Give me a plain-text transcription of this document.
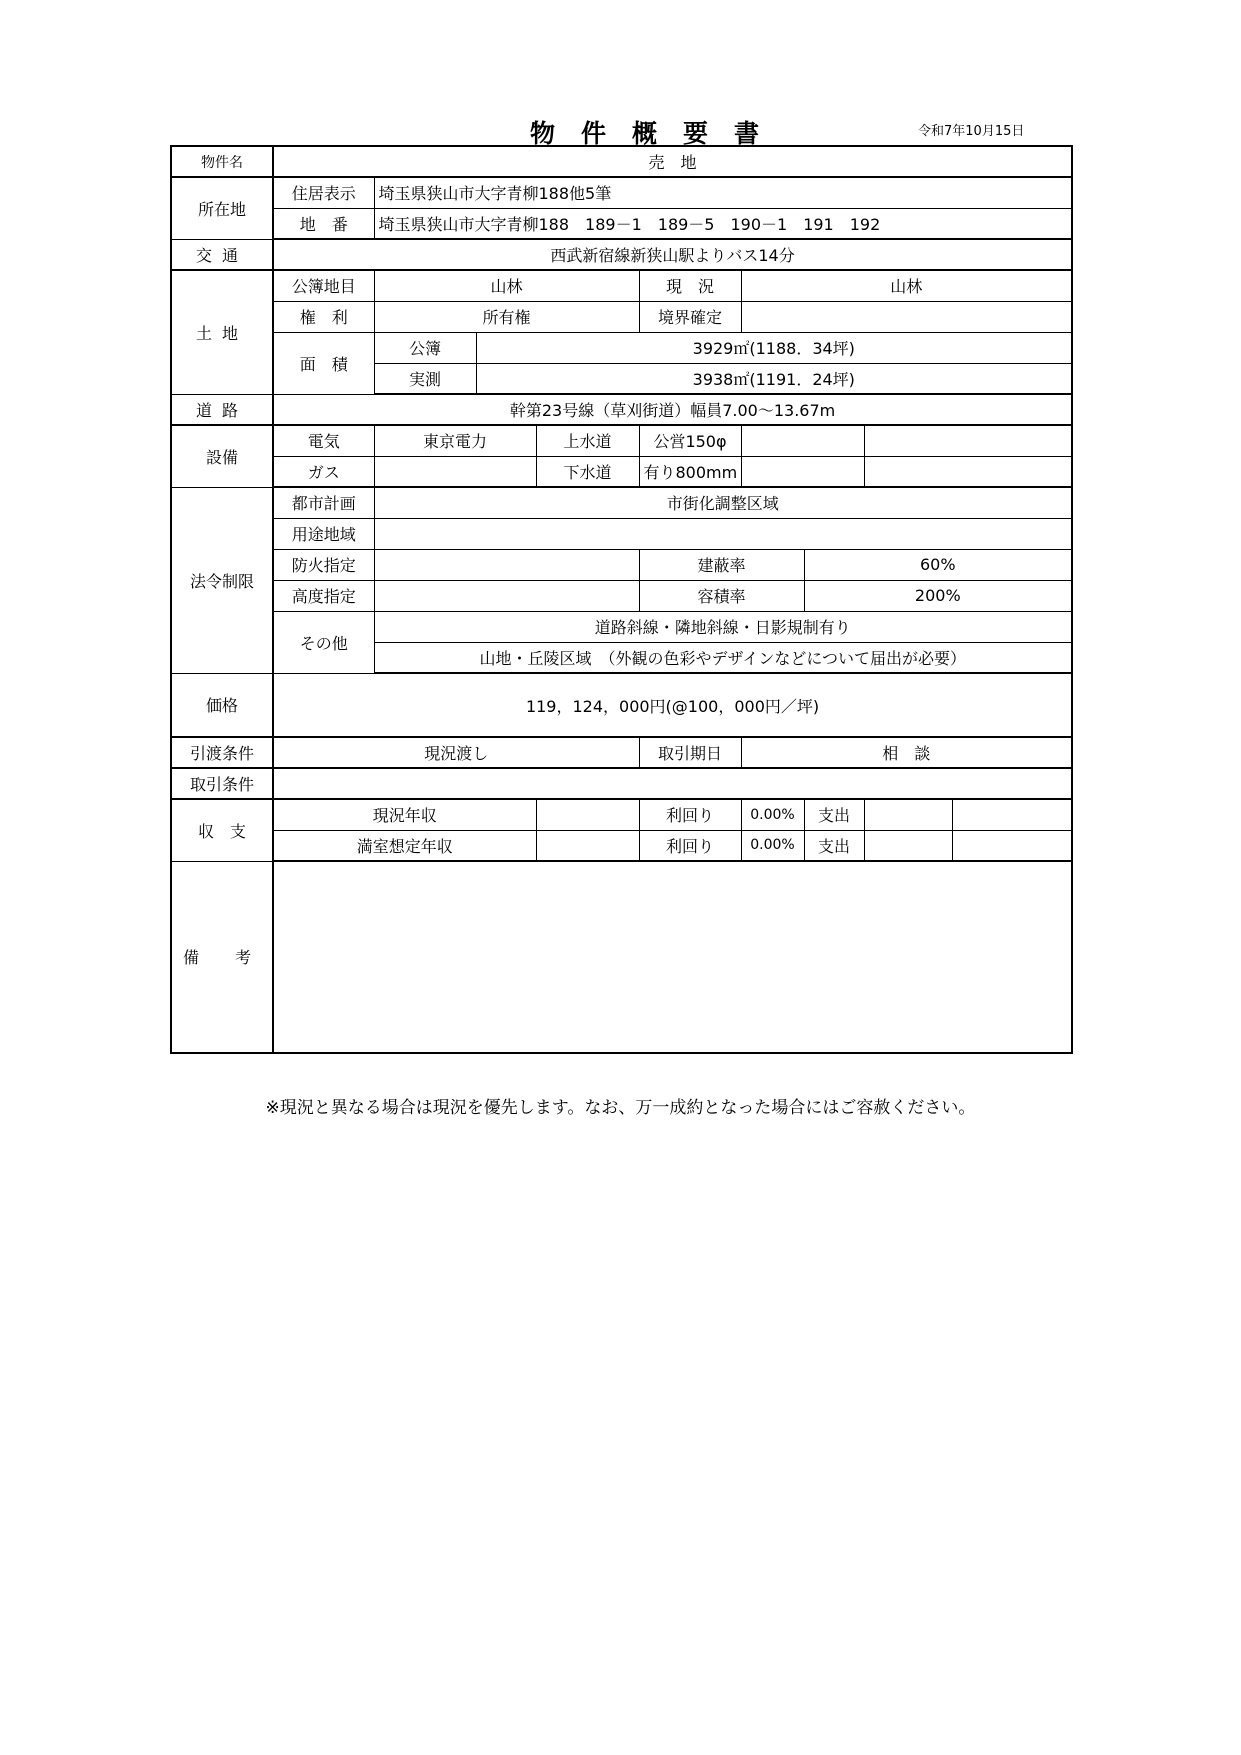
物件概要書	令和7年10月15日
物件名	売　地								
所在地	住居表示	埼玉県狭山市大字青柳188他5筆							
	地　番	埼玉県狭山市大字青柳188　189－1　189－5　190－1　191　192							
交通	西武新宿線新狭山駅よりバス14分								
土地	公簿地目	山林			現　況	山林			
	権　利	所有権			境界確定				
	面　積	公簿	3929㎡(1188．34坪)						
		実測	3938㎡(1191．24坪)						
道路	幹第23号線（草刈街道）幅員7.00～13.67m								
設備	電気	東京電力		上水道	公営150φ				
	ガス			下水道	有り800mm				
法令制限	都市計画	市街化調整区域							
	用途地域								
	防火指定				建蔽率		60%		
	高度指定				容積率		200%		
	その他	道路斜線・隣地斜線・日影規制有り							
		山地・丘陵区域　（外観の色彩やデザインなどについて届出が必要）							
価格	119，124，000円(@100，000円／坪)								
引渡条件	現況渡し				取引期日	相　談			
取引条件									
収　支	現況年収				利回り	0.00%	支出		
	満室想定年収				利回り	0.00%	支出		
備　考									
※現況と異なる場合は現況を優先します。なお、万一成約となった場合にはご容赦ください。
